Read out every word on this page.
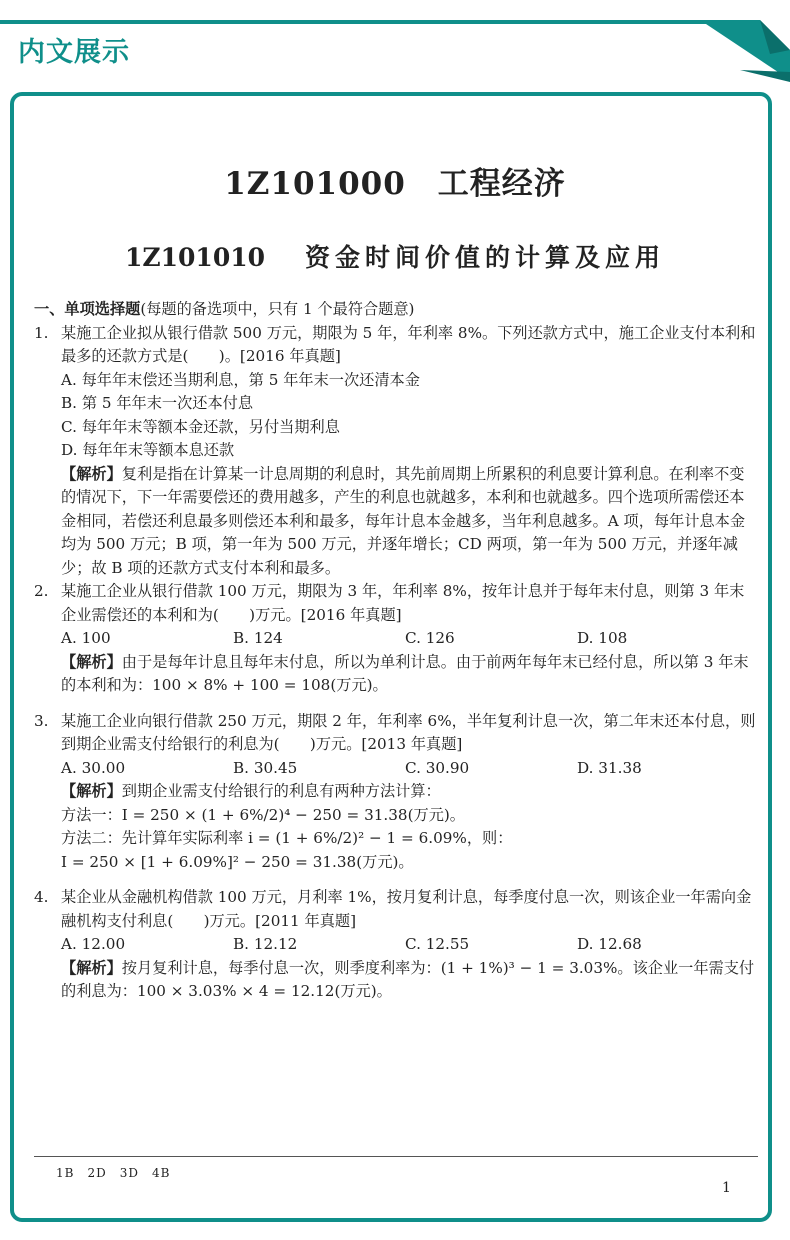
内文展示
1Z101000　工程经济
1Z101010 资金时间价值的计算及应用
一、单项选择题(每题的备选项中，只有 1 个最符合题意)
1. 某施工企业拟从银行借款 500 万元，期限为 5 年，年利率 8%。下列还款方式中，施工企业支付本利和最多的还款方式是(　　)。[2016 年真题]
A. 每年年末偿还当期利息，第 5 年年末一次还清本金
B. 第 5 年年末一次还本付息
C. 每年年末等额本金还款，另付当期利息
D. 每年年末等额本息还款
【解析】复利是指在计算某一计息周期的利息时，其先前周期上所累积的利息要计算利息。在利率不变的情况下，下一年需要偿还的费用越多，产生的利息也就越多，本利和也就越多。四个选项所需偿还本金相同，若偿还利息最多则偿还本利和最多，每年计息本金越多，当年利息越多。A 项，每年计息本金均为 500 万元；B 项，第一年为 500 万元，并逐年增长；CD 两项，第一年为 500 万元，并逐年减少；故 B 项的还款方式支付本利和最多。
2. 某施工企业从银行借款 100 万元，期限为 3 年，年利率 8%，按年计息并于每年末付息，则第 3 年末企业需偿还的本利和为(　　)万元。[2016 年真题]
A. 100	B. 124	C. 126	D. 108
【解析】由于是每年计息且每年末付息，所以为单利计息。由于前两年每年末已经付息，所以第 3 年末的本利和为：100 × 8% + 100 = 108(万元)。
3. 某施工企业向银行借款 250 万元，期限 2 年，年利率 6%，半年复利计息一次，第二年末还本付息，则到期企业需支付给银行的利息为(　　)万元。[2013 年真题]
A. 30.00	B. 30.45	C. 30.90	D. 31.38
【解析】到期企业需支付给银行的利息有两种方法计算：
方法一：I = 250 × (1 + 6%/2)⁴ − 250 = 31.38(万元)。
方法二：先计算年实际利率 i = (1 + 6%/2)² − 1 = 6.09%，则：
I = 250 × [1 + 6.09%]² − 250 = 31.38(万元)。
4. 某企业从金融机构借款 100 万元，月利率 1%，按月复利计息，每季度付息一次，则该企业一年需向金融机构支付利息(　　)万元。[2011 年真题]
A. 12.00	B. 12.12	C. 12.55	D. 12.68
【解析】按月复利计息，每季付息一次，则季度利率为：(1 + 1%)³ − 1 = 3.03%。该企业一年需支付的利息为：100 × 3.03% × 4 = 12.12(万元)。
1B　2D　3D　4B
1
